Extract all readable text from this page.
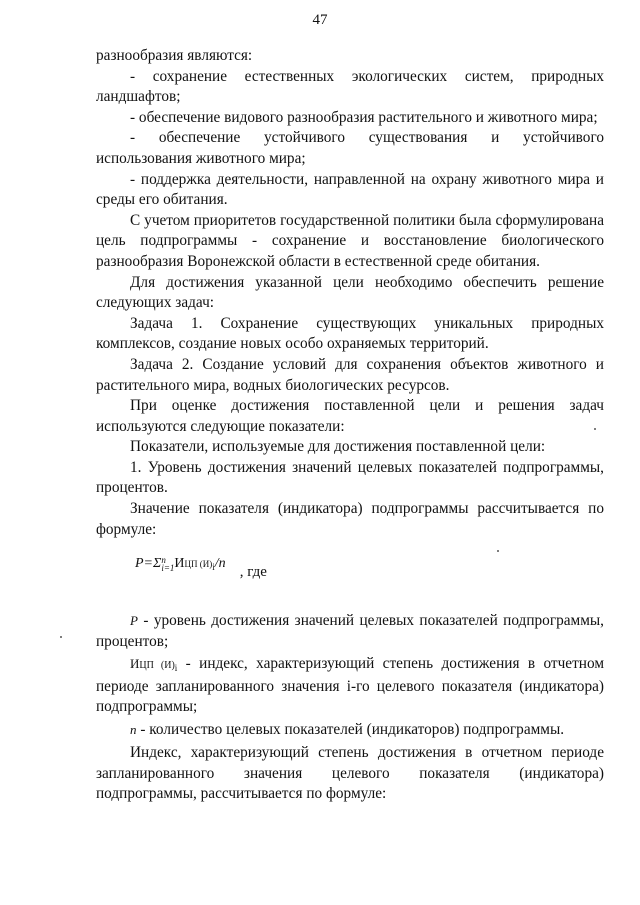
47

разнообразия являются:

- сохранение естественных экологических систем, природных ландшафтов;

- обеспечение видового разнообразия растительного и животного мира;

- обеспечение устойчивого существования и устойчивого использования животного мира;

- поддержка деятельности, направленной на охрану животного мира и среды его обитания.

С учетом приоритетов государственной политики была сформулирована цель подпрограммы - сохранение и восстановление биологического разнообразия Воронежской области в естественной среде обитания.

Для достижения указанной цели необходимо обеспечить решение следующих задач:

Задача 1. Сохранение существующих уникальных природных комплексов, создание новых особо охраняемых территорий.

Задача 2. Создание условий для сохранения объектов животного и растительного мира, водных биологических ресурсов.

При оценке достижения поставленной цели и решения задач используются следующие показатели:

Показатели, используемые для достижения поставленной цели:

1. Уровень достижения значений целевых показателей подпрограммы, процентов.

Значение показателя (индикатора) подпрограммы рассчитывается по формуле:

P=Σ n
i=1 ИЦП $(И)_i/n$, где

P - уровень достижения значений целевых показателей подпрограммы, процентов;

ИЦП (И)i - индекс, характеризующий степень достижения в отчетном периоде запланированного значения i-го целевого показателя (индикатора) подпрограммы;

n - количество целевых показателей (индикаторов) подпрограммы.

Индекс, характеризующий степень достижения в отчетном периоде запланированного значения целевого показателя (индикатора) подпрограммы, рассчитывается по формуле:
